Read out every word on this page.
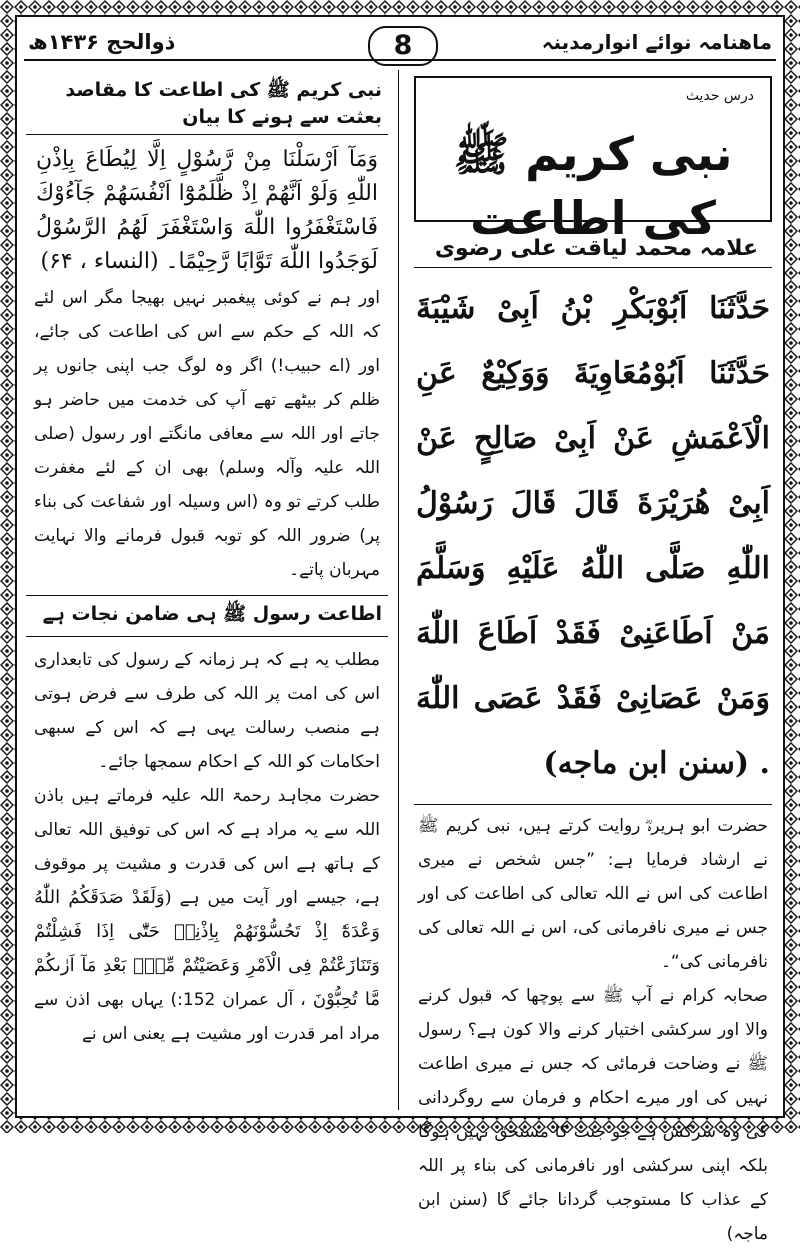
ماھنامہ نوائے انوارمدینہ
8
ذوالحج ۱۴۳۶ھ
نبی کریم ﷺ کی اطاعت کا مقاصد بعثت سے ہونے کا بیان
وَمَآ اَرْسَلْنَا مِنْ رَّسُوْلٍ اِلَّا لِيُطَاعَ بِاِذْنِ اللّٰهِ وَلَوْ اَنَّهُمْ اِذْ ظَّلَمُوْٓا اَنْفُسَهُمْ جَآءُوْكَ فَاسْتَغْفَرُوا اللّٰهَ وَاسْتَغْفَرَ لَهُمُ الرَّسُوْلُ لَوَجَدُوا اللّٰهَ تَوَّابًا رَّحِيْمًا۔ (النساء ، ۶۴)
اور ہم نے کوئی پیغمبر نہیں بھیجا مگر اس لئے کہ اللہ کے حکم سے اس کی اطاعت کی جائے، اور (اے حبیب!) اگر وہ لوگ جب اپنی جانوں پر ظلم کر بیٹھے تھے آپ کی خدمت میں حاضر ہو جاتے اور اللہ سے معافی مانگتے اور رسول (صلی اللہ علیہ وآلہ وسلم) بھی ان کے لئے مغفرت طلب کرتے تو وہ (اس وسیلہ اور شفاعت کی بناء پر) ضرور اللہ کو توبہ قبول فرمانے والا نہایت مہربان پاتے۔
اطاعت رسول ﷺ ہی ضامن نجات ہے
مطلب یہ ہے کہ ہر زمانہ کے رسول کی تابعداری اس کی امت پر اللہ کی طرف سے فرض ہوتی ہے منصب رسالت یہی ہے کہ اس کے سبھی احکامات کو اللہ کے احکام سمجھا جائے۔
حضرت مجاہد رحمۃ اللہ علیہ فرماتے ہیں باذن اللہ سے یہ مراد ہے کہ اس کی توفیق اللہ تعالی کے ہاتھ ہے اس کی قدرت و مشیت پر موقوف ہے، جیسے اور آیت میں ہے (وَلَقَدْ صَدَقَكُمُ اللّٰهُ وَعْدَهٗٓ اِذْ تَحُسُّوْنَهُمْ بِاِذْنِهٖ حَتّٰٓى اِذَا فَشِلْتُمْ وَتَنَازَعْتُمْ فِى الْاَمْرِ وَعَصَيْتُمْ مِّنْۢ بَعْدِ مَآ اَرٰىكُمْ مَّا تُحِبُّوْنَ ، آل عمران 152:) یہاں بھی اذن سے مراد امر قدرت اور مشیت ہے یعنی اس نے
درس حدیث
نبی کریم ﷺ کی اطاعت
علامہ محمد لیاقت علی رضوی
حَدَّثَنَا اَبُوْبَكْرِ بْنُ اَبِىْ شَيْبَةَ حَدَّثَنَا اَبُوْمُعَاوِيَةَ وَوَكِيْعٌ عَنِ الْاَعْمَشِ عَنْ اَبِىْ صَالِحٍ عَنْ اَبِىْ هُرَيْرَةَ قَالَ قَالَ رَسُوْلُ اللّٰهِ صَلَّى اللّٰهُ عَلَيْهِ وَسَلَّمَ مَنْ اَطَاعَنِىْ فَقَدْ اَطَاعَ اللّٰهَ وَمَنْ عَصَانِىْ فَقَدْ عَصَى اللّٰهَ . (سنن ابن ماجه)
حضرت ابو ہریرہؓ روایت کرتے ہیں، نبی کریم ﷺ نے ارشاد فرمایا ہے: ”جس شخص نے میری اطاعت کی اس نے اللہ تعالی کی اطاعت کی اور جس نے میری نافرمانی کی، اس نے اللہ تعالی کی نافرمانی کی“۔
صحابہ کرام نے آپ ﷺ سے پوچھا کہ قبول کرنے والا اور سرکشی اختیار کرنے والا کون ہے؟ رسول ﷺ نے وضاحت فرمائی کہ جس نے میری اطاعت نہیں کی اور میرے احکام و فرمان سے روگردانی کی وہ سرکش ہے جو جنت کا مستحق نہیں ہوگا بلکہ اپنی سرکشی اور نافرمانی کی بناء پر اللہ کے عذاب کا مستوجب گردانا جائے گا (سنن ابن ماجہ)
